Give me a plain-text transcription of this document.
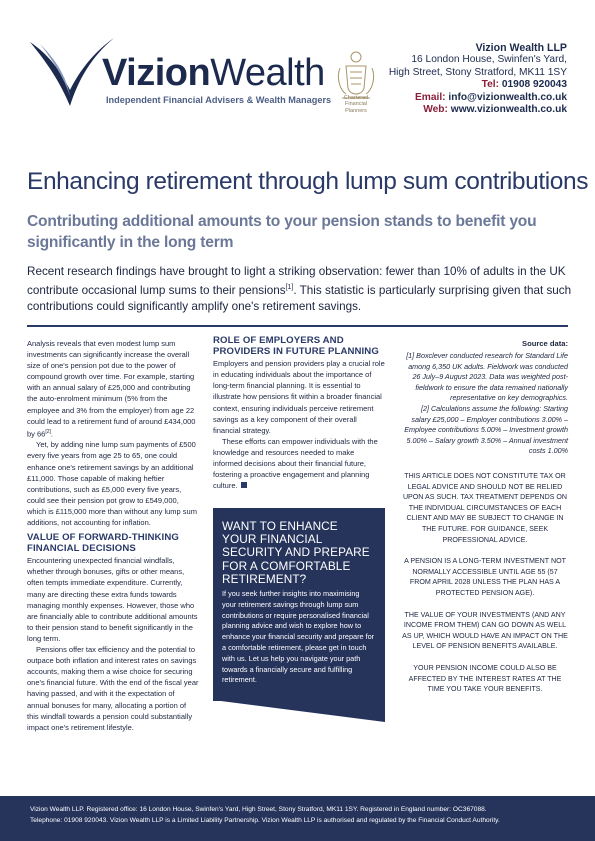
VizionWealth
Independent Financial Advisers & Wealth Managers	Chartered
Financial
Planners
Vizion Wealth LLP
16 London House, Swinfen's Yard,
High Street, Stony Stratford, MK11 1SY
Tel: 01908 920043
Email: info@vizionwealth.co.uk
Web: www.vizionwealth.co.uk
Enhancing retirement through lump sum contributions
Contributing additional amounts to your pension stands to benefit you significantly in the long term

Recent research findings have brought to light a striking observation: fewer than 10% of adults in the UK contribute occasional lump sums to their pensions[1]. This statistic is particularly surprising given that such contributions could significantly amplify one's retirement savings.

Analysis reveals that even modest lump sum investments can significantly increase the overall size of one's pension pot due to the power of compound growth over time. For example, starting with an annual salary of £25,000 and contributing the auto-enrolment minimum (5% from the employee and 3% from the employer) from age 22 could lead to a retirement fund of around £434,000 by 66[2].

Yet, by adding nine lump sum payments of £500 every five years from age 25 to 65, one could enhance one's retirement savings by an additional £11,000. Those capable of making heftier contributions, such as £5,000 every five years, could see their pension pot grow to £549,000, which is £115,000 more than without any lump sum additions, not accounting for inflation.

VALUE OF FORWARD-THINKING FINANCIAL DECISIONS

Encountering unexpected financial windfalls, whether through bonuses, gifts or other means, often tempts immediate expenditure. Currently, many are directing these extra funds towards managing monthly expenses. However, those who are financially able to contribute additional amounts to their pension stand to benefit significantly in the long term.

Pensions offer tax efficiency and the potential to outpace both inflation and interest rates on savings accounts, making them a wise choice for securing one's financial future. With the end of the fiscal year having passed, and with it the expectation of annual bonuses for many, allocating a portion of this windfall towards a pension could substantially impact one's retirement lifestyle.

ROLE OF EMPLOYERS AND PROVIDERS IN FUTURE PLANNING

Employers and pension providers play a crucial role in educating individuals about the importance of long-term financial planning. It is essential to illustrate how pensions fit within a broader financial context, ensuring individuals perceive retirement savings as a key component of their overall financial strategy.

These efforts can empower individuals with the knowledge and resources needed to make informed decisions about their financial future, fostering a proactive engagement and planning culture.

WANT TO ENHANCE YOUR FINANCIAL SECURITY AND PREPARE FOR A COMFORTABLE RETIREMENT?

If you seek further insights into maximising your retirement savings through lump sum contributions or require personalised financial planning advice and wish to explore how to enhance your financial security and prepare for a comfortable retirement, please get in touch with us. Let us help you navigate your path towards a financially secure and fulfilling retirement.

Source data:

[1] Boxclever conducted research for Standard Life among 6,350 UK adults. Fieldwork was conducted 26 July–9 August 2023. Data was weighted post-fieldwork to ensure the data remained nationally representative on key demographics.

[2] Calculations assume the following: Starting salary £25,000 – Employer contributions 3.00% – Employee contributions 5.00% – Investment growth 5.00% – Salary growth 3.50% – Annual investment costs 1.00%

THIS ARTICLE DOES NOT CONSTITUTE TAX OR LEGAL ADVICE AND SHOULD NOT BE RELIED UPON AS SUCH. TAX TREATMENT DEPENDS ON THE INDIVIDUAL CIRCUMSTANCES OF EACH CLIENT AND MAY BE SUBJECT TO CHANGE IN THE FUTURE. FOR GUIDANCE, SEEK PROFESSIONAL ADVICE.

A PENSION IS A LONG-TERM INVESTMENT NOT NORMALLY ACCESSIBLE UNTIL AGE 55 (57 FROM APRIL 2028 UNLESS THE PLAN HAS A PROTECTED PENSION AGE).

THE VALUE OF YOUR INVESTMENTS (AND ANY INCOME FROM THEM) CAN GO DOWN AS WELL AS UP, WHICH WOULD HAVE AN IMPACT ON THE LEVEL OF PENSION BENEFITS AVAILABLE.

YOUR PENSION INCOME COULD ALSO BE AFFECTED BY THE INTEREST RATES AT THE TIME YOU TAKE YOUR BENEFITS.

Vizion Wealth LLP. Registered office: 16 London House, Swinfen's Yard, High Street, Stony Stratford, MK11 1SY. Registered in England number: OC367088.
Telephone: 01908 920043. Vizion Wealth LLP is a Limited Liability Partnership. Vizion Wealth LLP is authorised and regulated by the Financial Conduct Authority.
